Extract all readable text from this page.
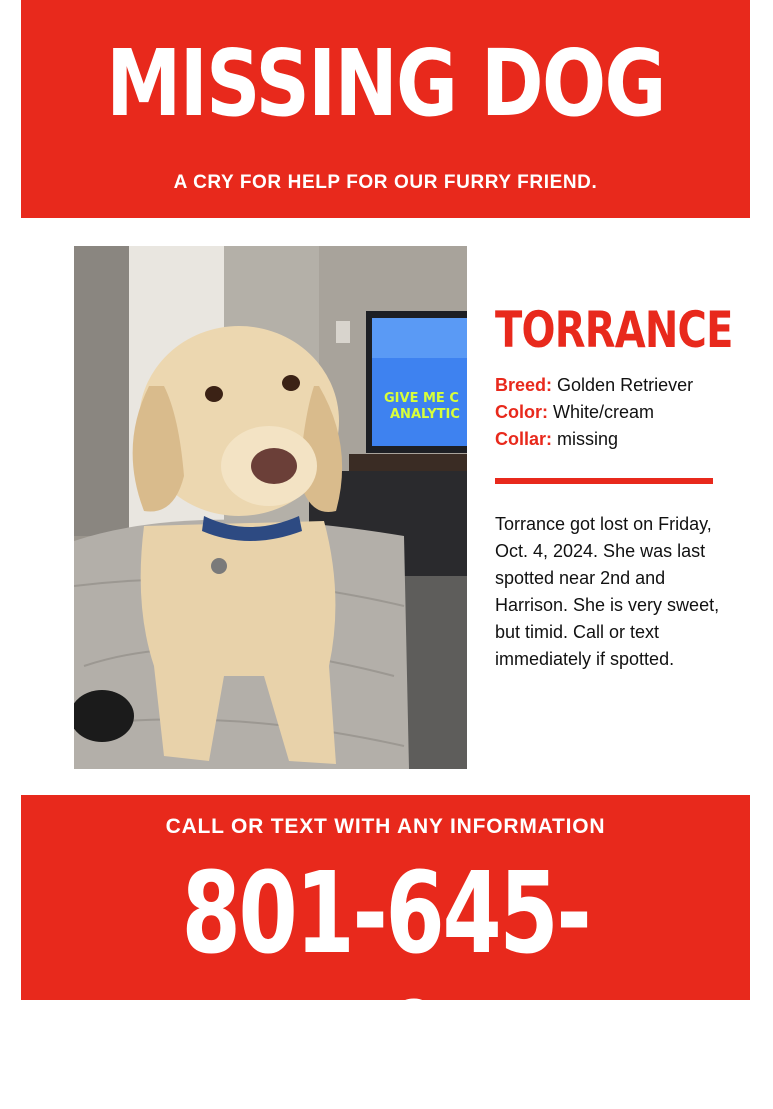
MISSING DOG
A CRY FOR HELP FOR OUR FURRY FRIEND.
GIVE ME C
ANALYTIC
TORRANCE
Breed: Golden Retriever
Color: White/cream
Collar: missing
Torrance got lost on Friday, Oct. 4, 2024. She was last spotted near 2nd and Harrison. She is very sweet, but timid. Call or text immediately if spotted.
CALL OR TEXT WITH ANY INFORMATION
801-645-7594
